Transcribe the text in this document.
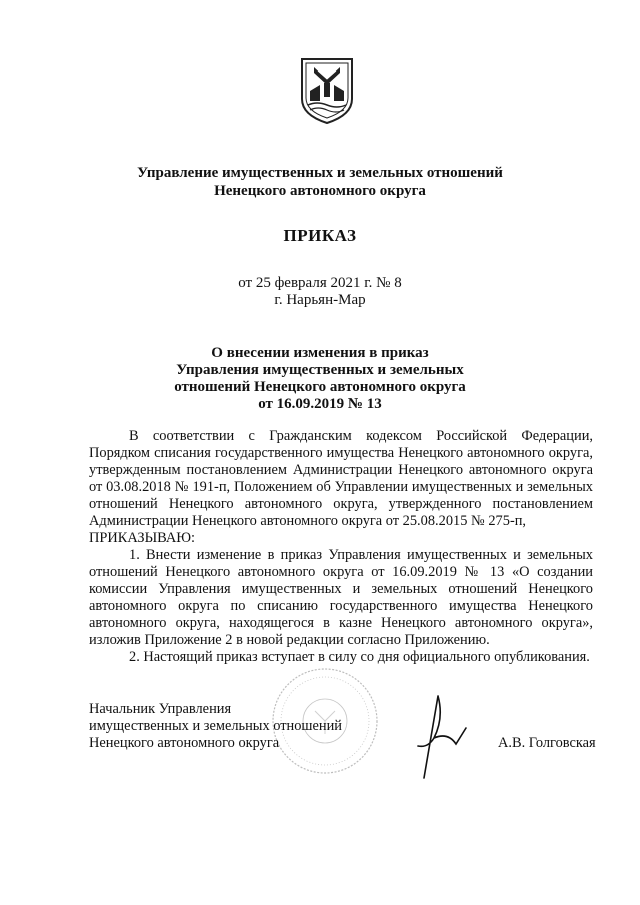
Управление имущественных и земельных отношений
Ненецкого автономного округа
ПРИКАЗ
от 25 февраля 2021 г. № 8
г. Нарьян-Мар
О внесении изменения в приказ
Управления имущественных и земельных
отношений Ненецкого автономного округа
от 16.09.2019 № 13

В соответствии с Гражданским кодексом Российской Федерации, Порядком списания государственного имущества Ненецкого автономного округа, утвержденным постановлением Администрации Ненецкого автономного округа от 03.08.2018 № 191-п, Положением об Управлении имущественных и земельных отношений Ненецкого автономного округа, утвержденного постановлением Администрации Ненецкого автономного округа от 25.08.2015 № 275-п,

ПРИКАЗЫВАЮ:

1. Внести изменение в приказ Управления имущественных и земельных отношений Ненецкого автономного округа от 16.09.2019 № 13 «О создании комиссии Управления имущественных и земельных отношений Ненецкого автономного округа по списанию государственного имущества Ненецкого автономного округа, находящегося в казне Ненецкого автономного округа», изложив Приложение 2 в новой редакции согласно Приложению.

2. Настоящий приказ вступает в силу со дня официального опубликования.

Начальник Управления
имущественных и земельных отношений
Ненецкого автономного округа	А.В. Голговская
